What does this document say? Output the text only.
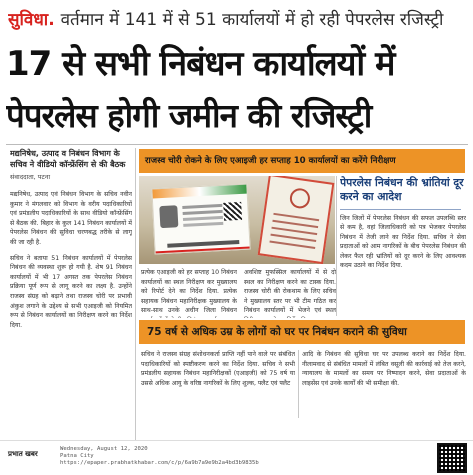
सुविधा. वर्तमान में 141 में से 51 कार्यालयों में हो रही पेपरलेस रजिस्ट्री
17 से सभी निबंधन कार्यालयों में
पेपरलेस होगी जमीन की रजिस्ट्री
मद्यनिषेध, उत्पाद व निबंधन विभाग के सचिव ने वीडियो कॉन्फ्रेंसिंग से की बैठक
संवाददाता, पटना

मद्यनिषेध, उत्पाद एवं निबंधन विभाग के सचिव नवीन कुमार ने मंगलवार को विभाग के वरीय पदाधिकारियों एवं प्रमंडलीय पदाधिकारियों के साथ वीडियो कॉन्फ्रेंसिंग से बैठक की. बिहार के कुल 141 निबंधन कार्यालयों में पेपरलेस निबंधन की सुविधा चरणबद्ध तरीके से लागू की जा रही है.

सचिव ने बताया 51 निबंधन कार्यालयों में पेपरलेस निबंधन की व्यवस्था शुरू हो गयी है. शेष 91 निबंधन कार्यालयों में भी 17 अगस्त तक पेपरलेस निबंधन प्रक्रिया पूर्ण रूप से लागू करने का लक्ष्य है. उन्होंने राजस्व संग्रह को बढ़ाने तथा राजस्व चोरी पर प्रभावी अंकुश लगाने के उद्देश्य से सभी एआइजी को नियमित रूप से निबंधन कार्यालयों का निरीक्षण करने का निर्देश दिया.

राजस्व चोरी रोकने के लिए एआइजी हर सप्ताह 10 कार्यालयों का करेंगे निरीक्षण
प्रत्येक एआइजी को हर सप्ताह 10 निबंधन कार्यालयों का स्थल निरीक्षण कर मुख्यालय को रिपोर्ट देने का निर्देश दिया. प्रत्येक सहायक निबंधन महानिरीक्षक मुख्यालय के साथ-साथ उनके अधीन जिला निबंधन
अवशिष्ट मुफस्सिल कार्यालयों में से दो स्थल का निरीक्षण करने का टास्क दिया. राजस्व चोरी की रोकथाम के लिए सचिव ने मुख्यालय स्तर पर भी टीम गठित कर निबंधन कार्यालयों में भेजने एवं स्थल
पेपरलेस निबंधन की भ्रांतियां दूर करने का आदेश
जिन जिलों में पेपरलेस निबंधन की सफल उपलब्धि स्तर से कम है, वहां जिलाधिकारी को पत्र भेजकर पेपरलेस निबंधन में तेजी लाने का निर्देश दिया. सचिव ने सेवा प्रदाताओं को आम नागरिकों के बीच पेपरलेस निबंधन की लेकर फैल रही भ्रांतियों को दूर करने के लिए आवश्यक कदम उठाने का निर्देश दिया.
75 वर्ष से अधिक उम्र के लोगों को घर पर निबंधन कराने की सुविधा
सचिव ने राजस्व संग्रह संशोधनकर्ता प्राप्ति नहीं पाने वाले पर संबंधित पदाधिकारियों को स्पष्टीकरण करने का निर्देश दिया. सचिव ने सभी प्रमंडलीय सहायक निबंधन महानिरीक्षकों (एआइजी) को 75 वर्ष या उससे अधिक आयु के वरिष्ठ नागरिकों के लिए शुल्क, फ्लैट एवं फ्लैट
आदि के निबंधन की सुविधा घर पर उपलब्ध कराने का निर्देश दिया. नीलामवाद से संबंधित मामलों में लंबित वसूली की कार्रवाई को तेज करने, न्यायालय के मामलों का समय पर निष्पादन करने, सेवा प्रदाताओं के लाइसेंस एवं उनके कार्यों की भी समीक्षा की.
प्रभात खबर
Wednesday, August 12, 2020
Patna City
https://epaper.prabhatkhabar.com/c/p/6a9b7a9e9b2a4bd3b9835b
